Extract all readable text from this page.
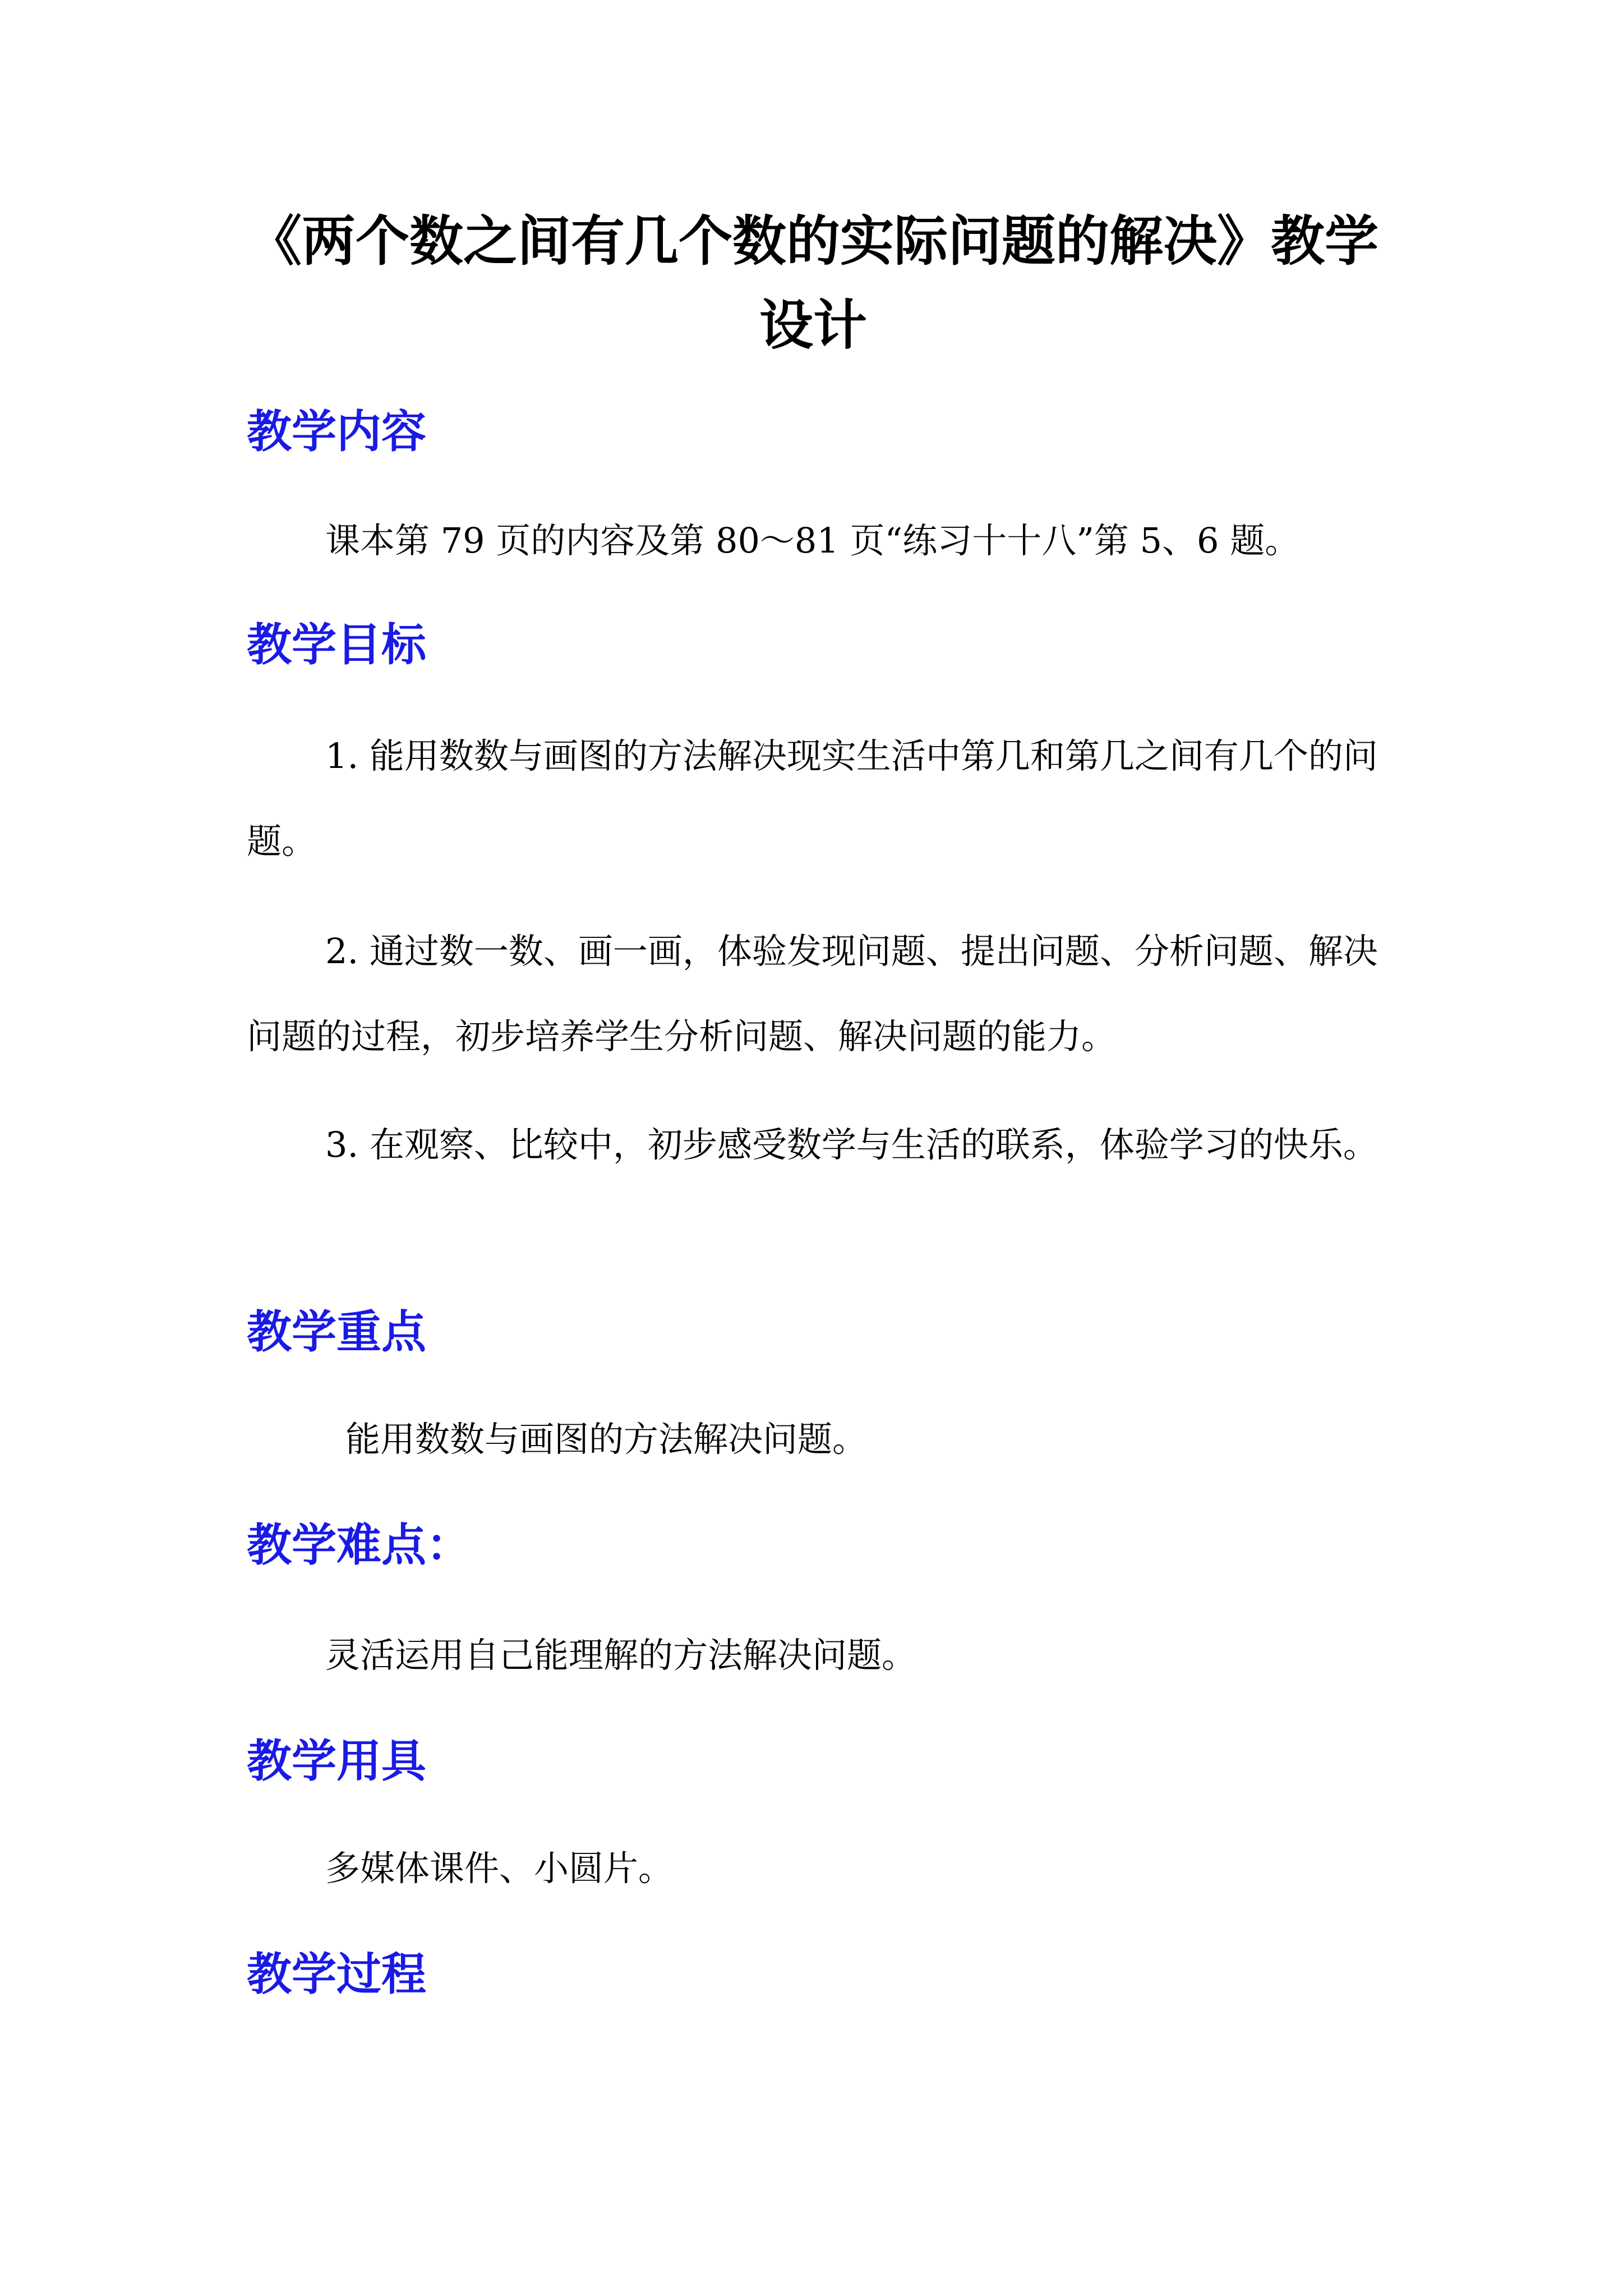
《两个数之间有几个数的实际问题的解决》教学
设计
教学内容
课本第 79 页的内容及第 80～81 页“练习十十八”第 5、6 题。
教学目标
1. 能用数数与画图的方法解决现实生活中第几和第几之间有几个的问题。
2. 通过数一数、画一画，体验发现问题、提出问题、分析问题、解决问题的过程，初步培养学生分析问题、解决问题的能力。
3. 在观察、比较中，初步感受数学与生活的联系，体验学习的快乐。
教学重点
能用数数与画图的方法解决问题。
教学难点：
灵活运用自己能理解的方法解决问题。
教学用具
多媒体课件、小圆片。
教学过程
